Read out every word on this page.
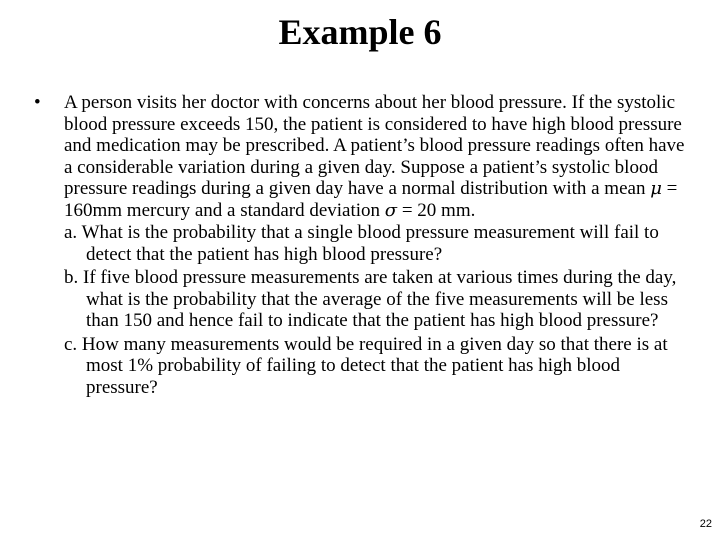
Example 6
•	A person visits her doctor with concerns about her blood pressure. If the systolic blood pressure exceeds 150, the patient is considered to have high blood pressure and medication may be prescribed. A patient’s blood pressure readings often have a considerable variation during a given day. Suppose a patient’s systolic blood pressure readings during a given day have a normal distribution with a mean μ = 160mm mercury and a standard deviation σ = 20 mm.
a. What is the probability that a single blood pressure measurement will fail to detect that the patient has high blood pressure?
b. If five blood pressure measurements are taken at various times during the day, what is the probability that the average of the five measurements will be less than 150 and hence fail to indicate that the patient has high blood pressure?
c. How many measurements would be required in a given day so that there is at most 1% probability of failing to detect that the patient has high blood pressure?
22
